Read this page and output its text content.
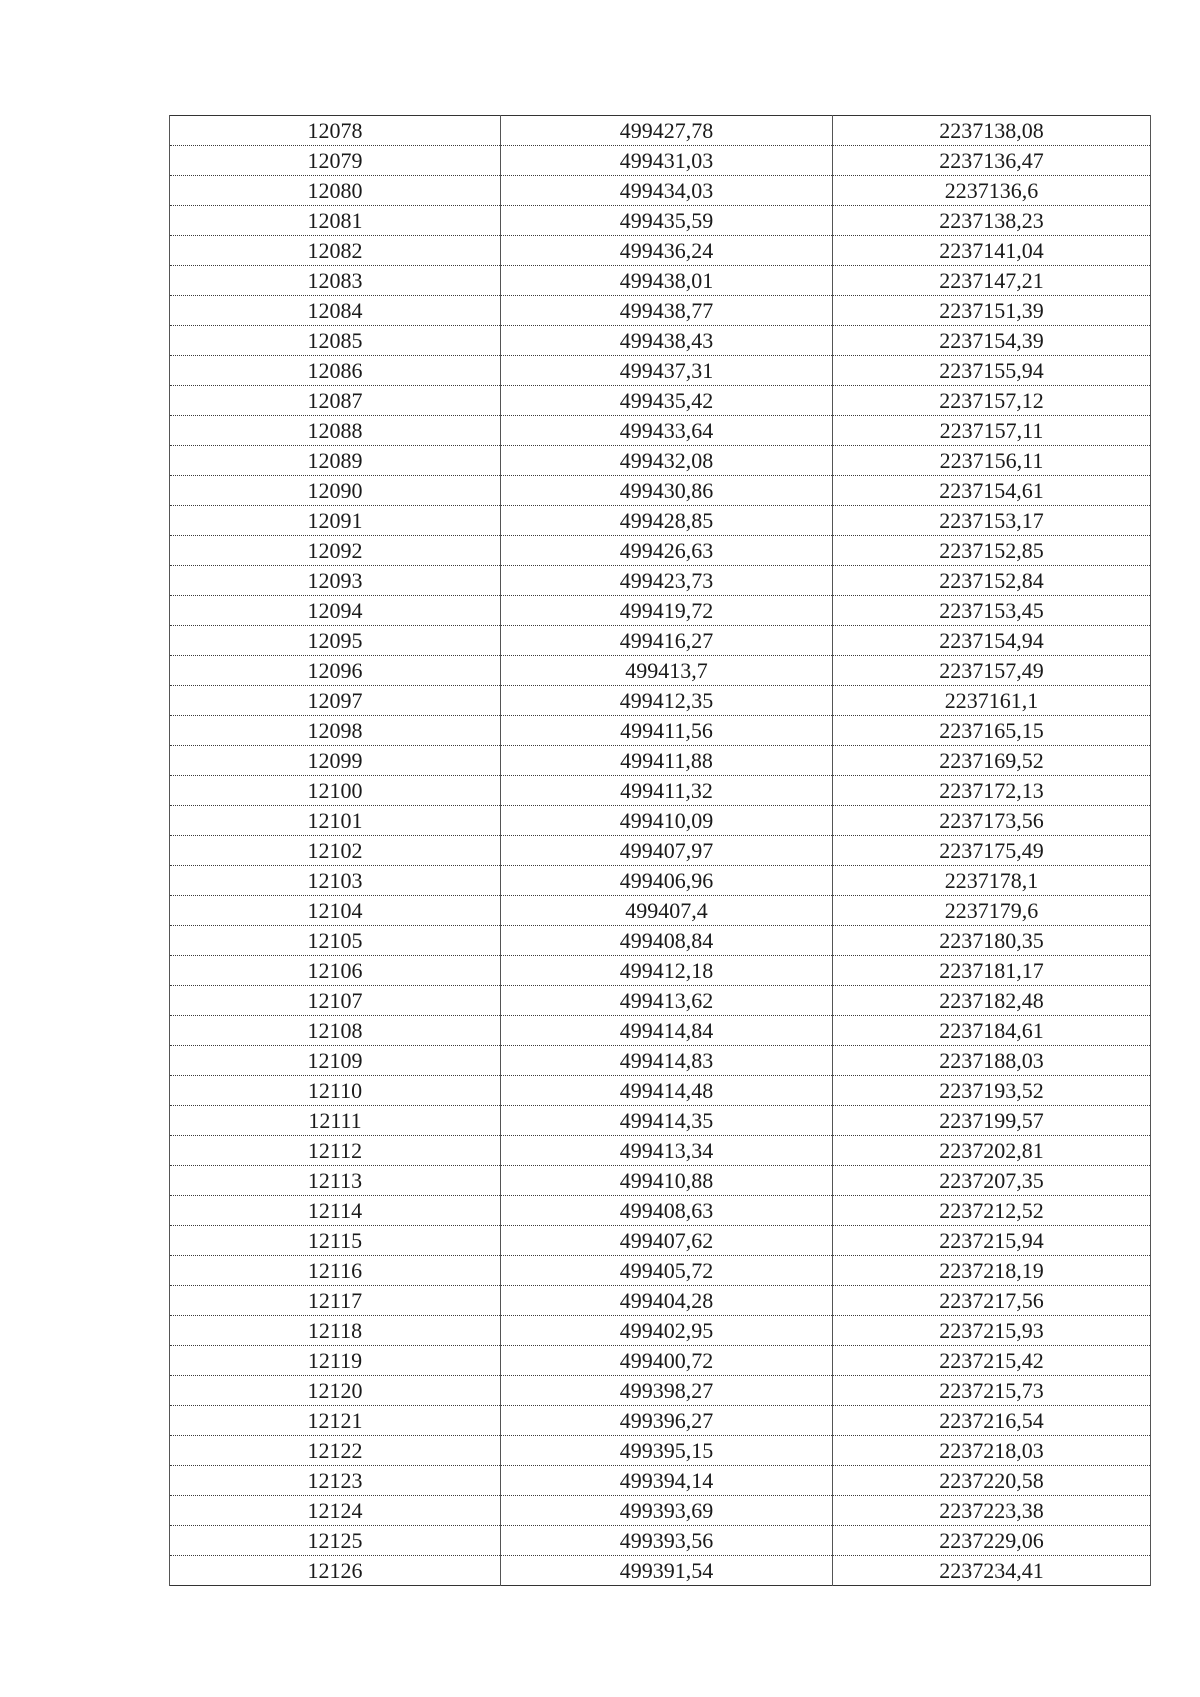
12078	499427,78	2237138,08
12079	499431,03	2237136,47
12080	499434,03	2237136,6
12081	499435,59	2237138,23
12082	499436,24	2237141,04
12083	499438,01	2237147,21
12084	499438,77	2237151,39
12085	499438,43	2237154,39
12086	499437,31	2237155,94
12087	499435,42	2237157,12
12088	499433,64	2237157,11
12089	499432,08	2237156,11
12090	499430,86	2237154,61
12091	499428,85	2237153,17
12092	499426,63	2237152,85
12093	499423,73	2237152,84
12094	499419,72	2237153,45
12095	499416,27	2237154,94
12096	499413,7	2237157,49
12097	499412,35	2237161,1
12098	499411,56	2237165,15
12099	499411,88	2237169,52
12100	499411,32	2237172,13
12101	499410,09	2237173,56
12102	499407,97	2237175,49
12103	499406,96	2237178,1
12104	499407,4	2237179,6
12105	499408,84	2237180,35
12106	499412,18	2237181,17
12107	499413,62	2237182,48
12108	499414,84	2237184,61
12109	499414,83	2237188,03
12110	499414,48	2237193,52
12111	499414,35	2237199,57
12112	499413,34	2237202,81
12113	499410,88	2237207,35
12114	499408,63	2237212,52
12115	499407,62	2237215,94
12116	499405,72	2237218,19
12117	499404,28	2237217,56
12118	499402,95	2237215,93
12119	499400,72	2237215,42
12120	499398,27	2237215,73
12121	499396,27	2237216,54
12122	499395,15	2237218,03
12123	499394,14	2237220,58
12124	499393,69	2237223,38
12125	499393,56	2237229,06
12126	499391,54	2237234,41
